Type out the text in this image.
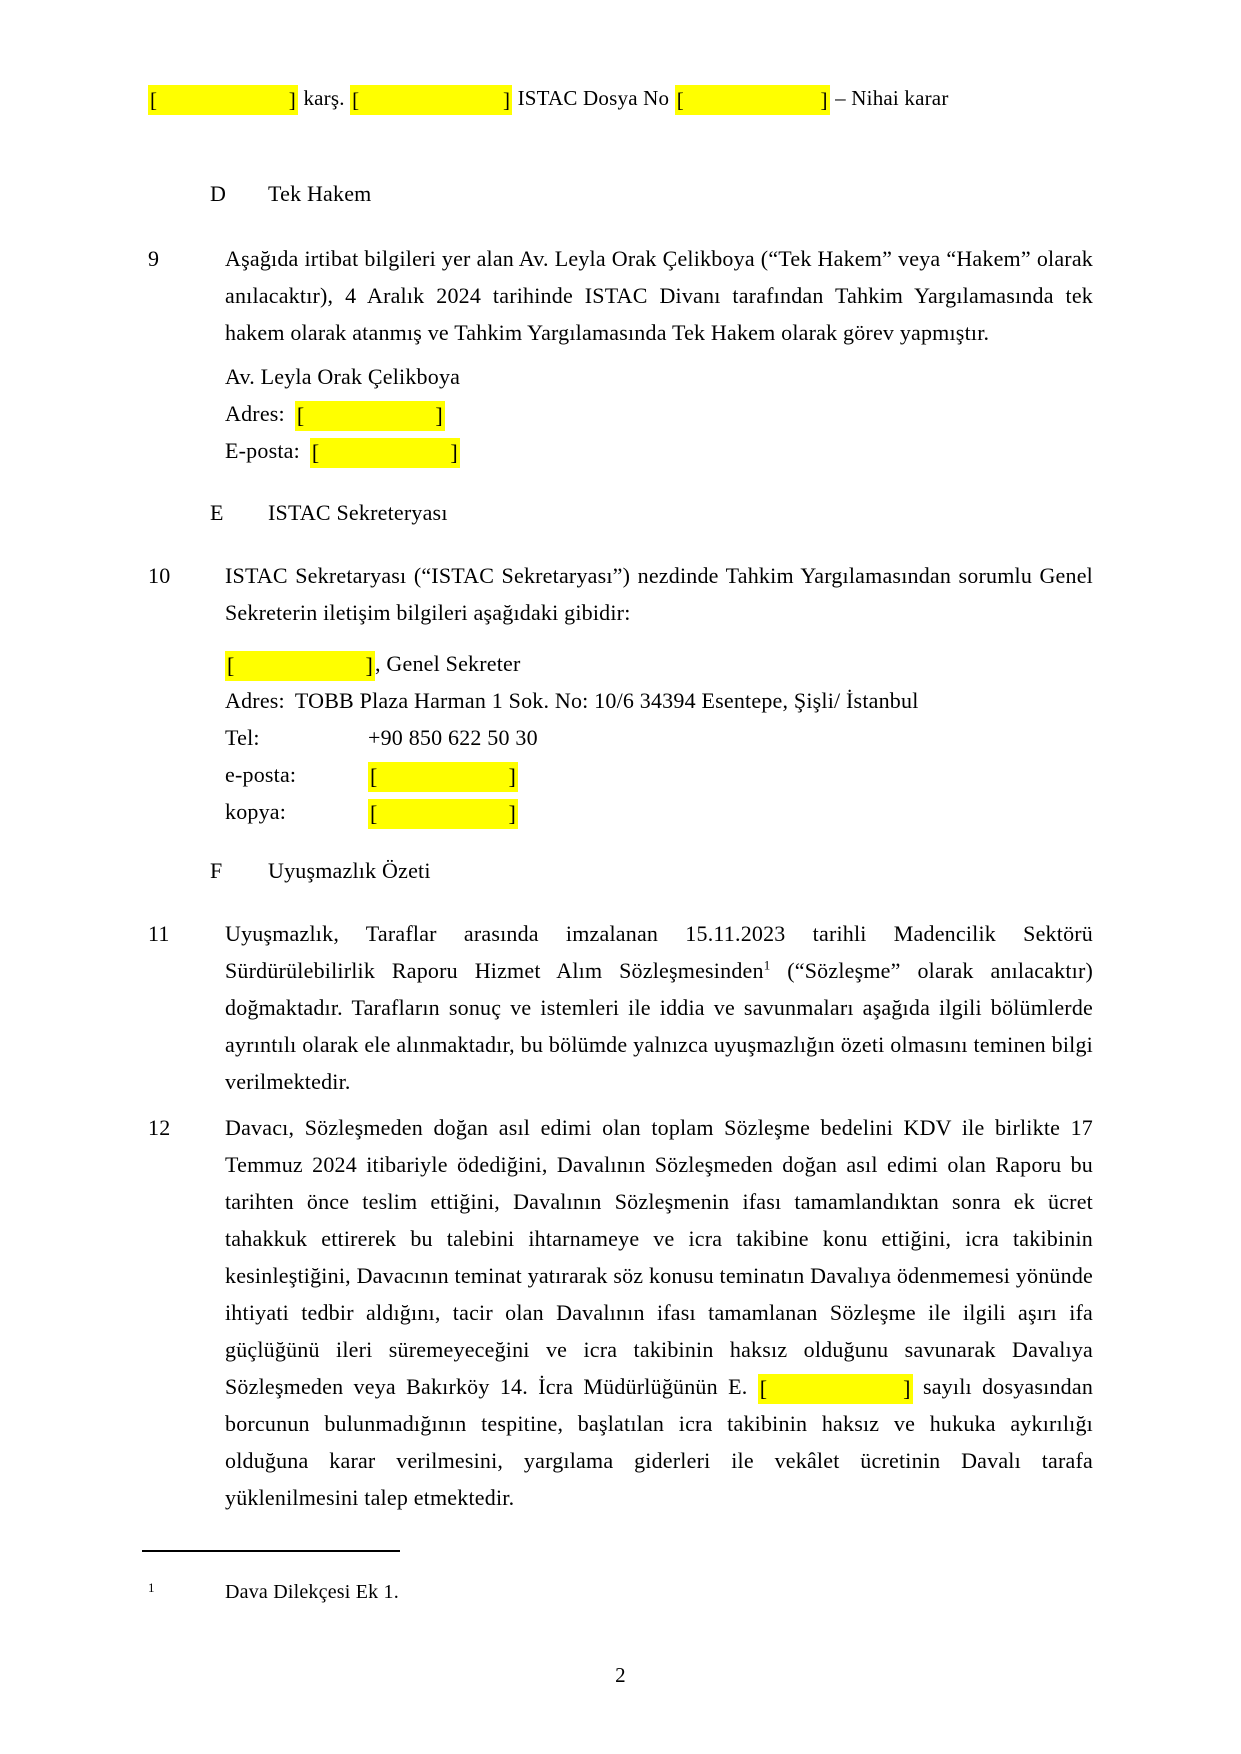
[	] karş. [	] ISTAC Dosya No [	] – Nihai karar
D Tek Hakem
9	Aşağıda irtibat bilgileri yer alan Av. Leyla Orak Çelikboya (“Tek Hakem” veya “Hakem” olarak anılacaktır), 4 Aralık 2024 tarihinde ISTAC Divanı tarafından Tahkim Yargılamasında tek hakem olarak atanmış ve Tahkim Yargılamasında Tek Hakem olarak görev yapmıştır.
Av. Leyla Orak Çelikboya
Adres: [	]
E-posta: [	]
E ISTAC Sekreteryası
10	ISTAC Sekretaryası (“ISTAC Sekretaryası”) nezdinde Tahkim Yargılamasından sorumlu Genel Sekreterin iletişim bilgileri aşağıdaki gibidir:
[	] , Genel Sekreter
Adres: TOBB Plaza Harman 1 Sok. No: 10/6 34394 Esentepe, Şişli/ İstanbul
Tel:	+90 850 622 50 30
e-posta:	[	]
kopya:	[	]
F Uyuşmazlık Özeti
11	Uyuşmazlık, Taraflar arasında imzalanan 15.11.2023 tarihli Madencilik Sektörü Sürdürülebilirlik Raporu Hizmet Alım Sözleşmesinden$^1$ (“Sözleşme” olarak anılacaktır) doğmaktadır. Tarafların sonuç ve istemleri ile iddia ve savunmaları aşağıda ilgili bölümlerde ayrıntılı olarak ele alınmaktadır, bu bölümde yalnızca uyuşmazlığın özeti olmasını teminen bilgi verilmektedir.
12	Davacı, Sözleşmeden doğan asıl edimi olan toplam Sözleşme bedelini KDV ile birlikte 17 Temmuz 2024 itibariyle ödediğini, Davalının Sözleşmeden doğan asıl edimi olan Raporu bu tarihten önce teslim ettiğini, Davalının Sözleşmenin ifası tamamlandıktan sonra ek ücret tahakkuk ettirerek bu talebini ihtarnameye ve icra takibine konu ettiğini, icra takibinin kesinleştiğini, Davacının teminat yatırarak söz konusu teminatın Davalıya ödenmemesi yönünde ihtiyati tedbir aldığını, tacir olan Davalının ifası tamamlanan Sözleşme ile ilgili aşırı ifa güçlüğünü ileri süremeyeceğini ve icra takibinin haksız olduğunu savunarak Davalıya Sözleşmeden veya Bakırköy 14. İcra Müdürlüğünün E. [	] sayılı dosyasından borcunun bulunmadığının tespitine, başlatılan icra takibinin haksız ve hukuka aykırılığı olduğuna karar verilmesini, yargılama giderleri ile vekâlet ücretinin Davalı tarafa yüklenilmesini talep etmektedir.
1	Dava Dilekçesi Ek 1.
2
